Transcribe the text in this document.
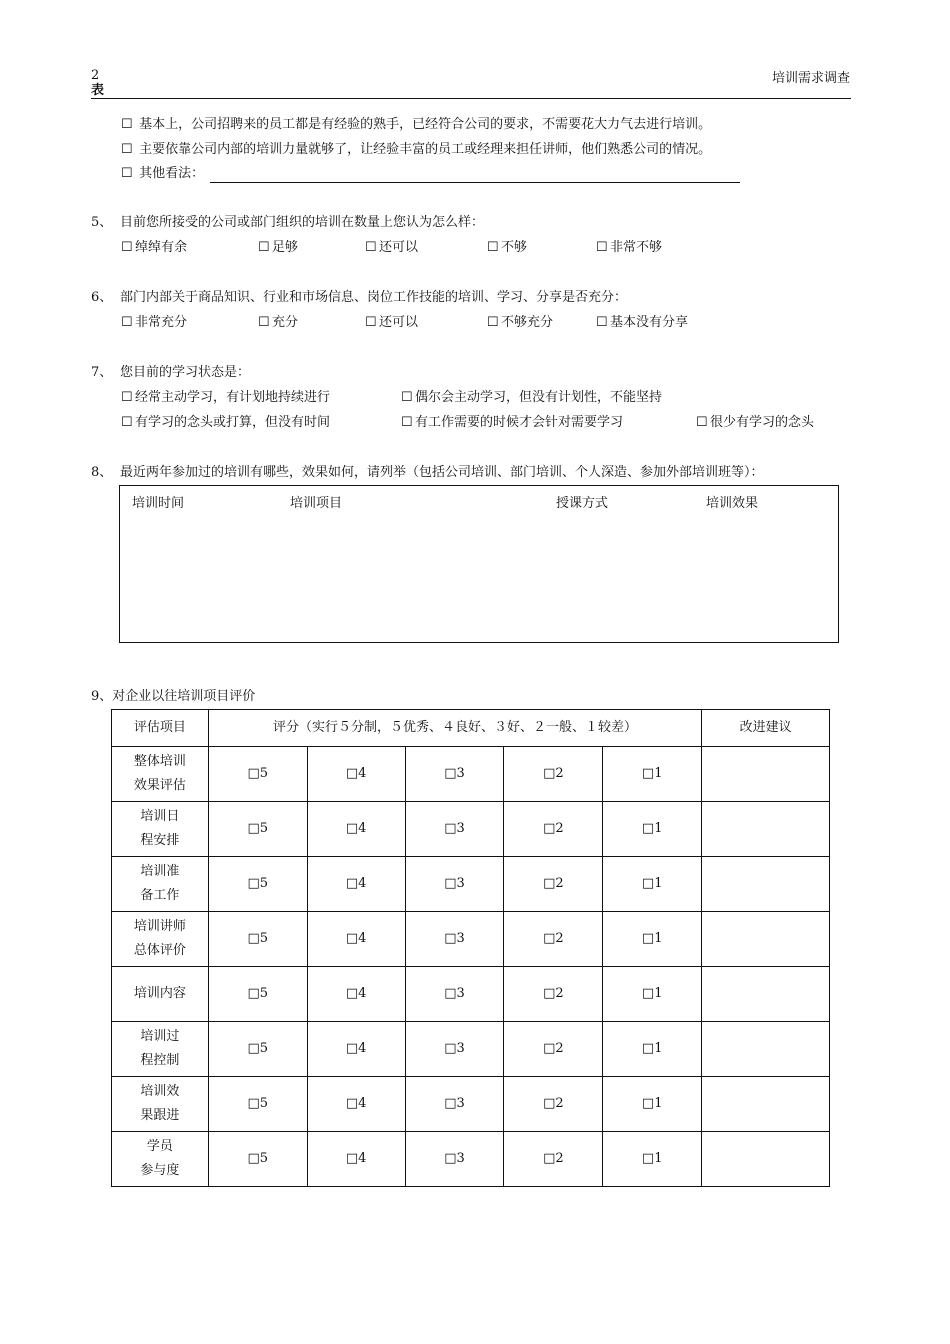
2
表
培训需求调查
☐ 基本上，公司招聘来的员工都是有经验的熟手，已经符合公司的要求，不需要花大力气去进行培训。
☐ 主要依靠公司内部的培训力量就够了，让经验丰富的员工或经理来担任讲师，他们熟悉公司的情况。
☐ 其他看法：
5、 目前您所接受的公司或部门组织的培训在数量上您认为怎么样：
☐ 绰绰有余	☐ 足够	☐ 还可以	☐ 不够	☐ 非常不够
6、 部门内部关于商品知识、行业和市场信息、岗位工作技能的培训、学习、分享是否充分：
☐ 非常充分	☐ 充分	☐ 还可以	☐ 不够充分	☐ 基本没有分享
7、 您目前的学习状态是：
☐ 经常主动学习，有计划地持续进行	☐ 偶尔会主动学习，但没有计划性，不能坚持
☐ 有学习的念头或打算，但没有时间	☐ 有工作需要的时候才会针对需要学习	☐ 很少有学习的念头
8、 最近两年参加过的培训有哪些，效果如何，请列举（包括公司培训、部门培训、个人深造、参加外部培训班等）：
培训时间	培训项目	授课方式	培训效果
9、对企业以往培训项目评价
评估项目	评分（实行５分制，５优秀、４良好、３好、２一般、１较差）					改进建议

整体培训
效果评估	□5	□4	□3	□2	□1	

培训日
程安排	□5	□4	□3	□2	□1	

培训准
备工作	□5	□4	□3	□2	□1	

培训讲师
总体评价	□5	□4	□3	□2	□1	

培训内容	□5	□4	□3	□2	□1	

培训过
程控制	□5	□4	□3	□2	□1	

培训效
果跟进	□5	□4	□3	□2	□1	

学员
参与度	□5	□4	□3	□2	□1	
